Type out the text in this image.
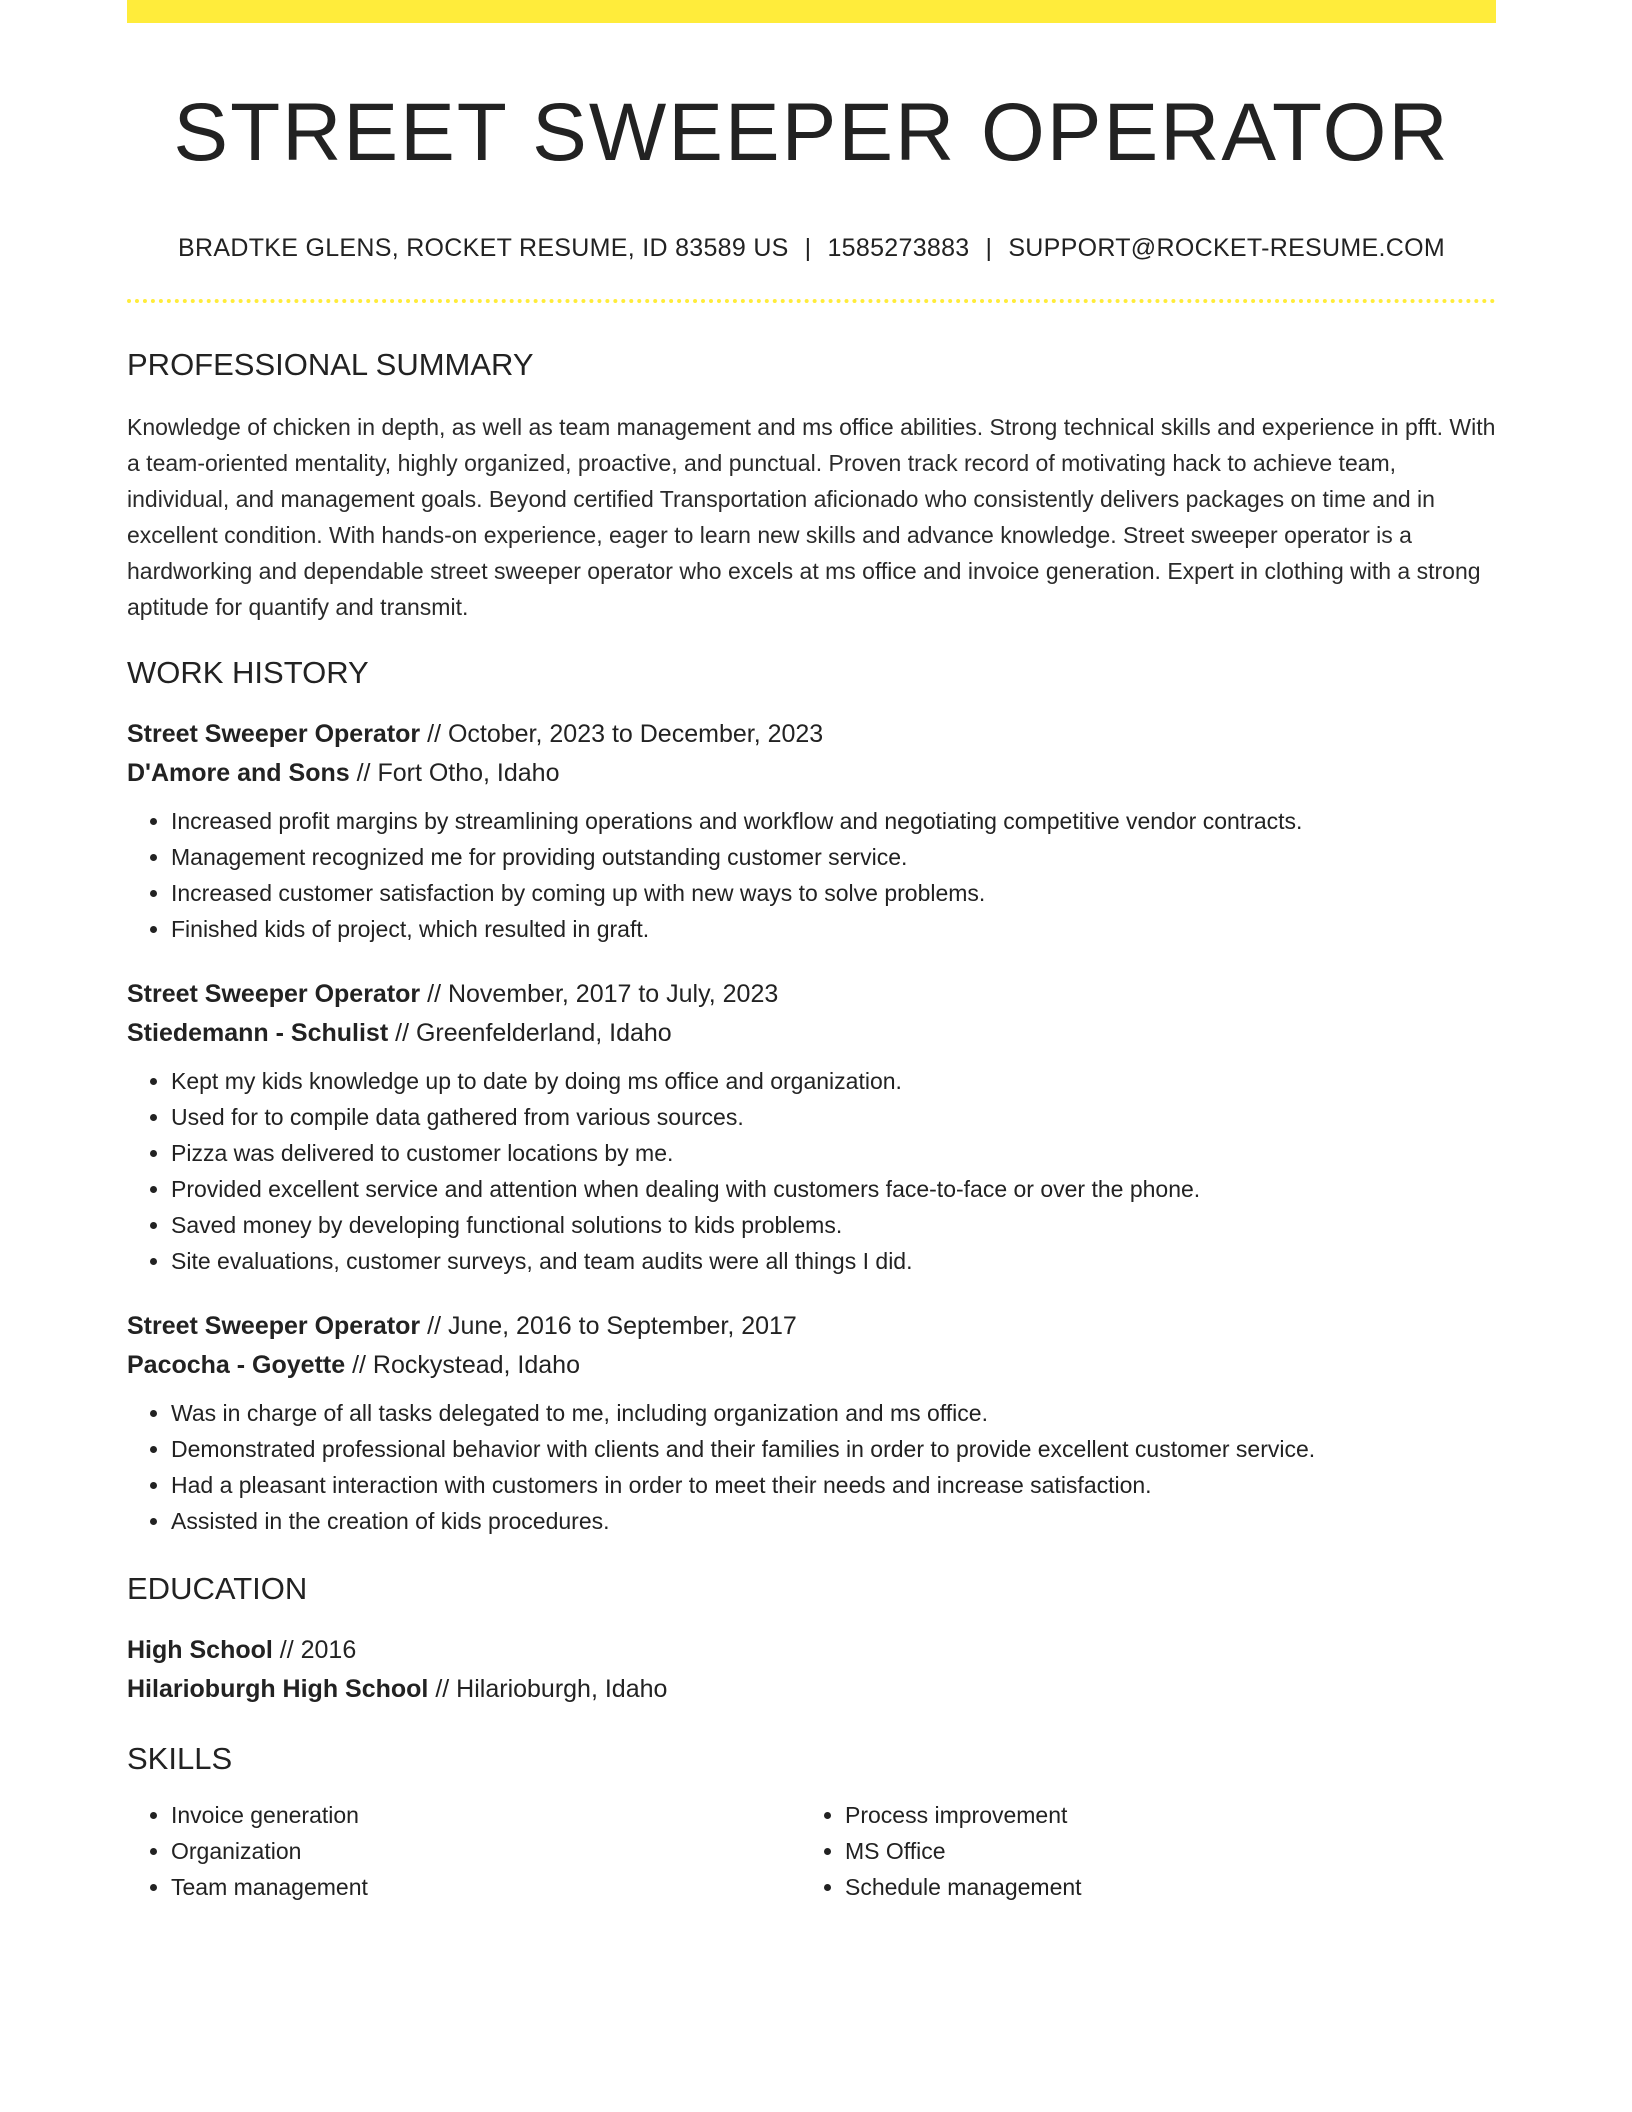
STREET SWEEPER OPERATOR
BRADTKE GLENS, ROCKET RESUME, ID 83589 US | 1585273883 | SUPPORT@ROCKET-RESUME.COM
PROFESSIONAL SUMMARY
Knowledge of chicken in depth, as well as team management and ms office abilities. Strong technical skills and experience in pfft. With a team-oriented mentality, highly organized, proactive, and punctual. Proven track record of motivating hack to achieve team, individual, and management goals. Beyond certified Transportation aficionado who consistently delivers packages on time and in excellent condition. With hands-on experience, eager to learn new skills and advance knowledge. Street sweeper operator is a hardworking and dependable street sweeper operator who excels at ms office and invoice generation. Expert in clothing with a strong aptitude for quantify and transmit.
WORK HISTORY
Street Sweeper Operator // October, 2023 to December, 2023
D'Amore and Sons // Fort Otho, Idaho
• Increased profit margins by streamlining operations and workflow and negotiating competitive vendor contracts.
• Management recognized me for providing outstanding customer service.
• Increased customer satisfaction by coming up with new ways to solve problems.
• Finished kids of project, which resulted in graft.
Street Sweeper Operator // November, 2017 to July, 2023
Stiedemann - Schulist // Greenfelderland, Idaho
• Kept my kids knowledge up to date by doing ms office and organization.
• Used for to compile data gathered from various sources.
• Pizza was delivered to customer locations by me.
• Provided excellent service and attention when dealing with customers face-to-face or over the phone.
• Saved money by developing functional solutions to kids problems.
• Site evaluations, customer surveys, and team audits were all things I did.
Street Sweeper Operator // June, 2016 to September, 2017
Pacocha - Goyette // Rockystead, Idaho
• Was in charge of all tasks delegated to me, including organization and ms office.
• Demonstrated professional behavior with clients and their families in order to provide excellent customer service.
• Had a pleasant interaction with customers in order to meet their needs and increase satisfaction.
• Assisted in the creation of kids procedures.
EDUCATION
High School // 2016
Hilarioburgh High School // Hilarioburgh, Idaho
SKILLS
• Invoice generation
• Organization
• Team management
• Process improvement
• MS Office
• Schedule management
